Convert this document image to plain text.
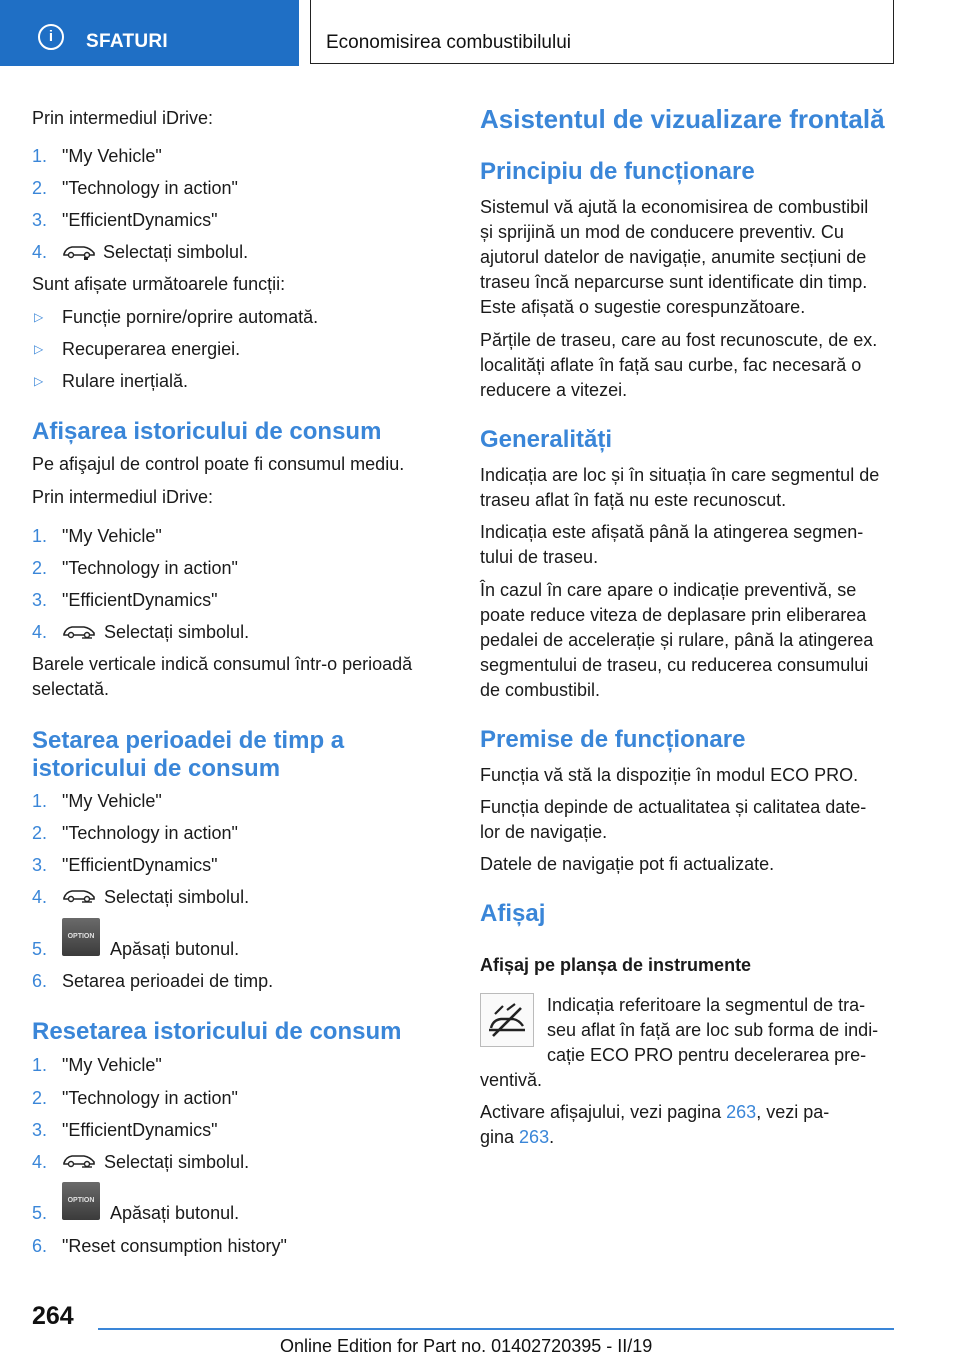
i	SFATURI	Economisirea combustibilului
Prin intermediul iDrive:
1. "My Vehicle"
2. "Technology in action"
3. "EfficientDynamics"
4.	Selectați simbolul.
Sunt afișate următoarele funcții:
▷ Funcție pornire/oprire automată.
▷ Recuperarea energiei.
▷ Rulare inerțială.
Afișarea istoricului de consum
Pe afişajul de control poate fi consumul mediu.
Prin intermediul iDrive:
1. "My Vehicle"
2. "Technology in action"
3. "EfficientDynamics"
4.	Selectați simbolul.
Barele verticale indică consumul într-o perioadă
selectată.
Setarea perioadei de timp a
istoricului de consum
1. "My Vehicle"
2. "Technology in action"
3. "EfficientDynamics"
4.	Selectați simbolul.
5.
OPTION
Apăsați butonul.
6. Setarea perioadei de timp.
Resetarea istoricului de consum
1. "My Vehicle"
2. "Technology in action"
3. "EfficientDynamics"
4.	Selectați simbolul.
5.
OPTION
Apăsați butonul.
6. "Reset consumption history"
Asistentul de vizualizare frontală
Principiu de funcționare
Sistemul vă ajută la economisirea de combustibil
și sprijină un mod de conducere preventiv. Cu
ajutorul datelor de navigație, anumite secțiuni de
traseu încă neparcurse sunt identificate din timp.
Este afișată o sugestie corespunzătoare.
Părțile de traseu, care au fost recunoscute, de ex.
localități aflate în față sau curbe, fac necesară o
reducere a vitezei.
Generalități
Indicația are loc și în situația în care segmentul de
traseu aflat în față nu este recunoscut.
Indicația este afișată până la atingerea segmen-
tului de traseu.
În cazul în care apare o indicație preventivă, se
poate reduce viteza de deplasare prin eliberarea
pedalei de accelerație și rulare, până la atingerea
segmentului de traseu, cu reducerea consumului
de combustibil.
Premise de funcționare
Funcția vă stă la dispoziție în modul ECO PRO.
Funcția depinde de actualitatea și calitatea date-
lor de navigație.
Datele de navigație pot fi actualizate.
Afișaj
Afișaj pe planșa de instrumente
Indicația referitoare la segmentul de tra-
seu aflat în față are loc sub forma de indi-
cație ECO PRO pentru decelerarea pre-
ventivă.
Activare afișajului, vezi pagina 263, vezi pa-
gina 263.
264
Online Edition for Part no. 01402720395 - II/19
